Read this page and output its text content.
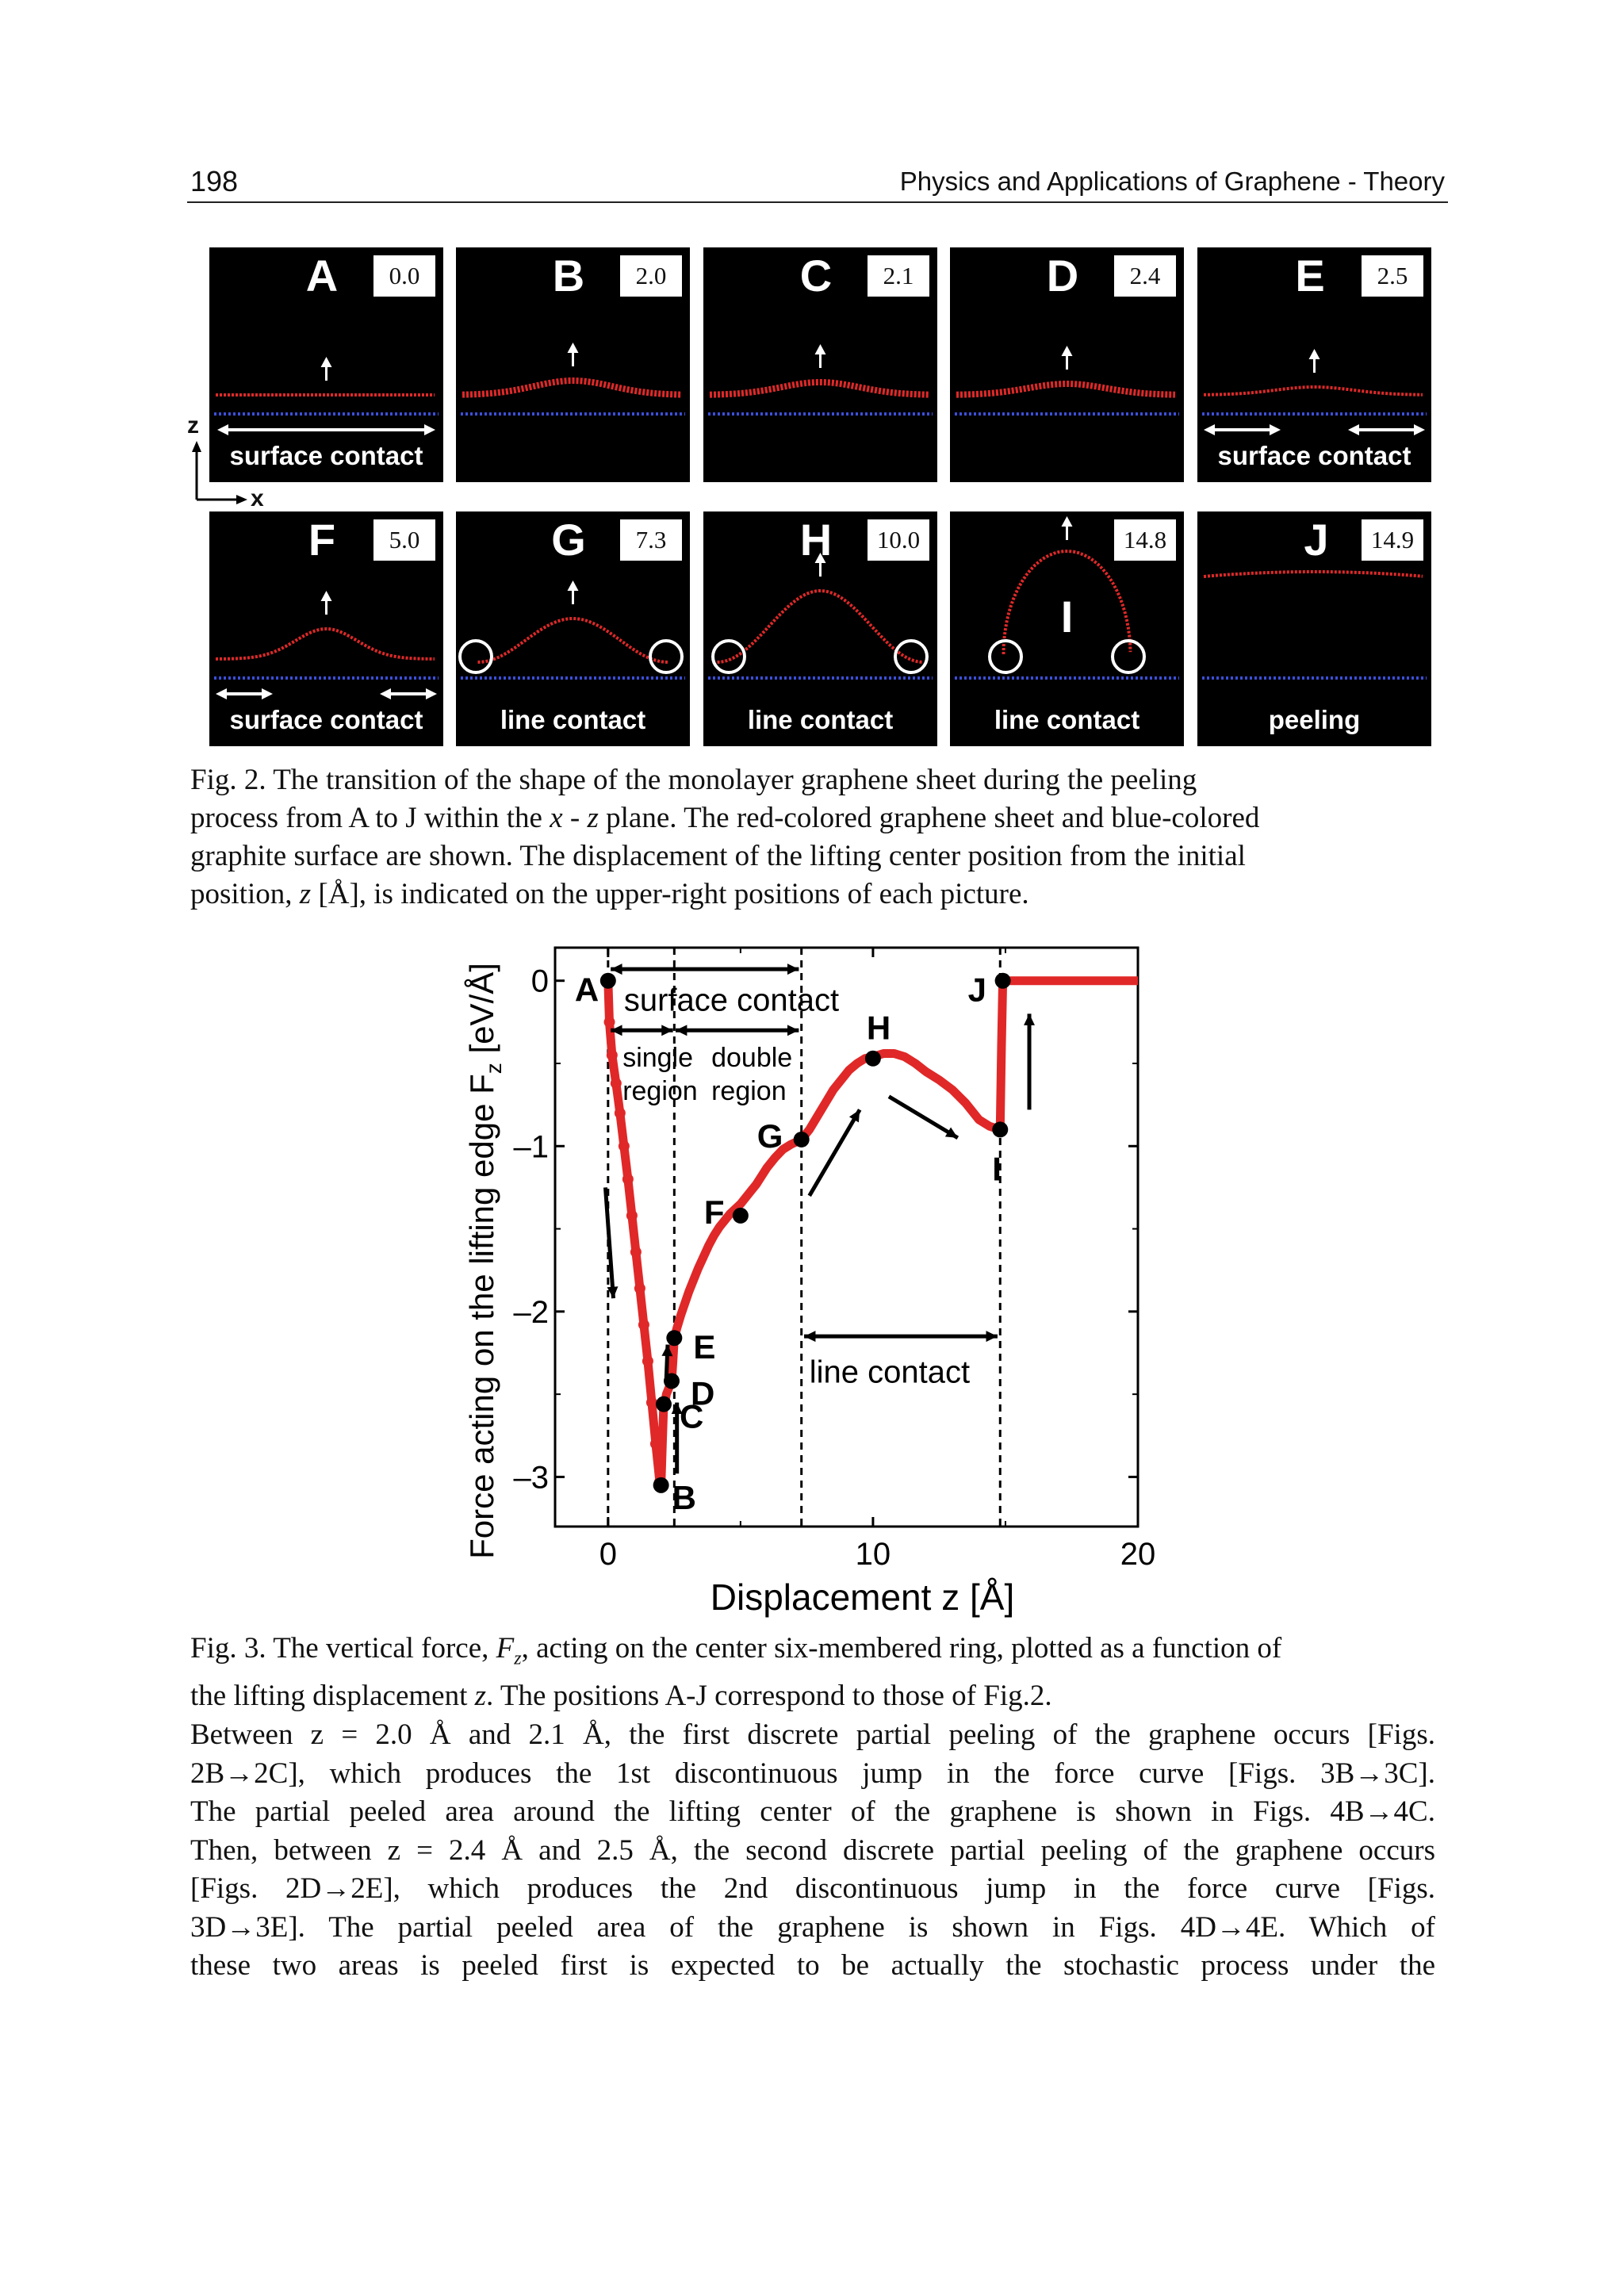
198	Physics and Applications of Graphene - Theory
A	0.0
surface contact
B	2.0	C	2.1	D	2.4	E	2.5
surface contact
F	5.0
surface contact
G	7.3
line contact
H	10.0
line contact
I
14.8
line contact
J	14.9
peeling
z
x
Fig. 2. The transition of the shape of the monolayer graphene sheet during the peeling
process from A to J within the x - z plane. The red-colored graphene sheet and blue-colored
graphite surface are shown. The displacement of the lifting center position from the initial
position, z [Å], is indicated on the upper-right positions of each picture.
0	10	20
0
–1
–2
–3
Displacement z [Å]
Force acting on the lifting edge $F_z$ [eV/Å] A
B
C
D
E
F
G
H
I
J
surface contact
single
region
double
region
line contact
Fig. 3. The vertical force, $F_z$, acting on the center six-membered ring, plotted as a function of
the lifting displacement z. The positions A-J correspond to those of Fig.2.
Between z = 2.0 Å and 2.1 Å, the first discrete partial peeling of the graphene occurs [Figs.
2B→2C], which produces the 1st discontinuous jump in the force curve [Figs. 3B→3C].
The partial peeled area around the lifting center of the graphene is shown in Figs. 4B→4C.
Then, between z = 2.4 Å and 2.5 Å, the second discrete partial peeling of the graphene occurs
[Figs. 2D→2E], which produces the 2nd discontinuous jump in the force curve [Figs.
3D→3E]. The partial peeled area of the graphene is shown in Figs. 4D→4E. Which of
these two areas is peeled first is expected to be actually the stochastic process under the
